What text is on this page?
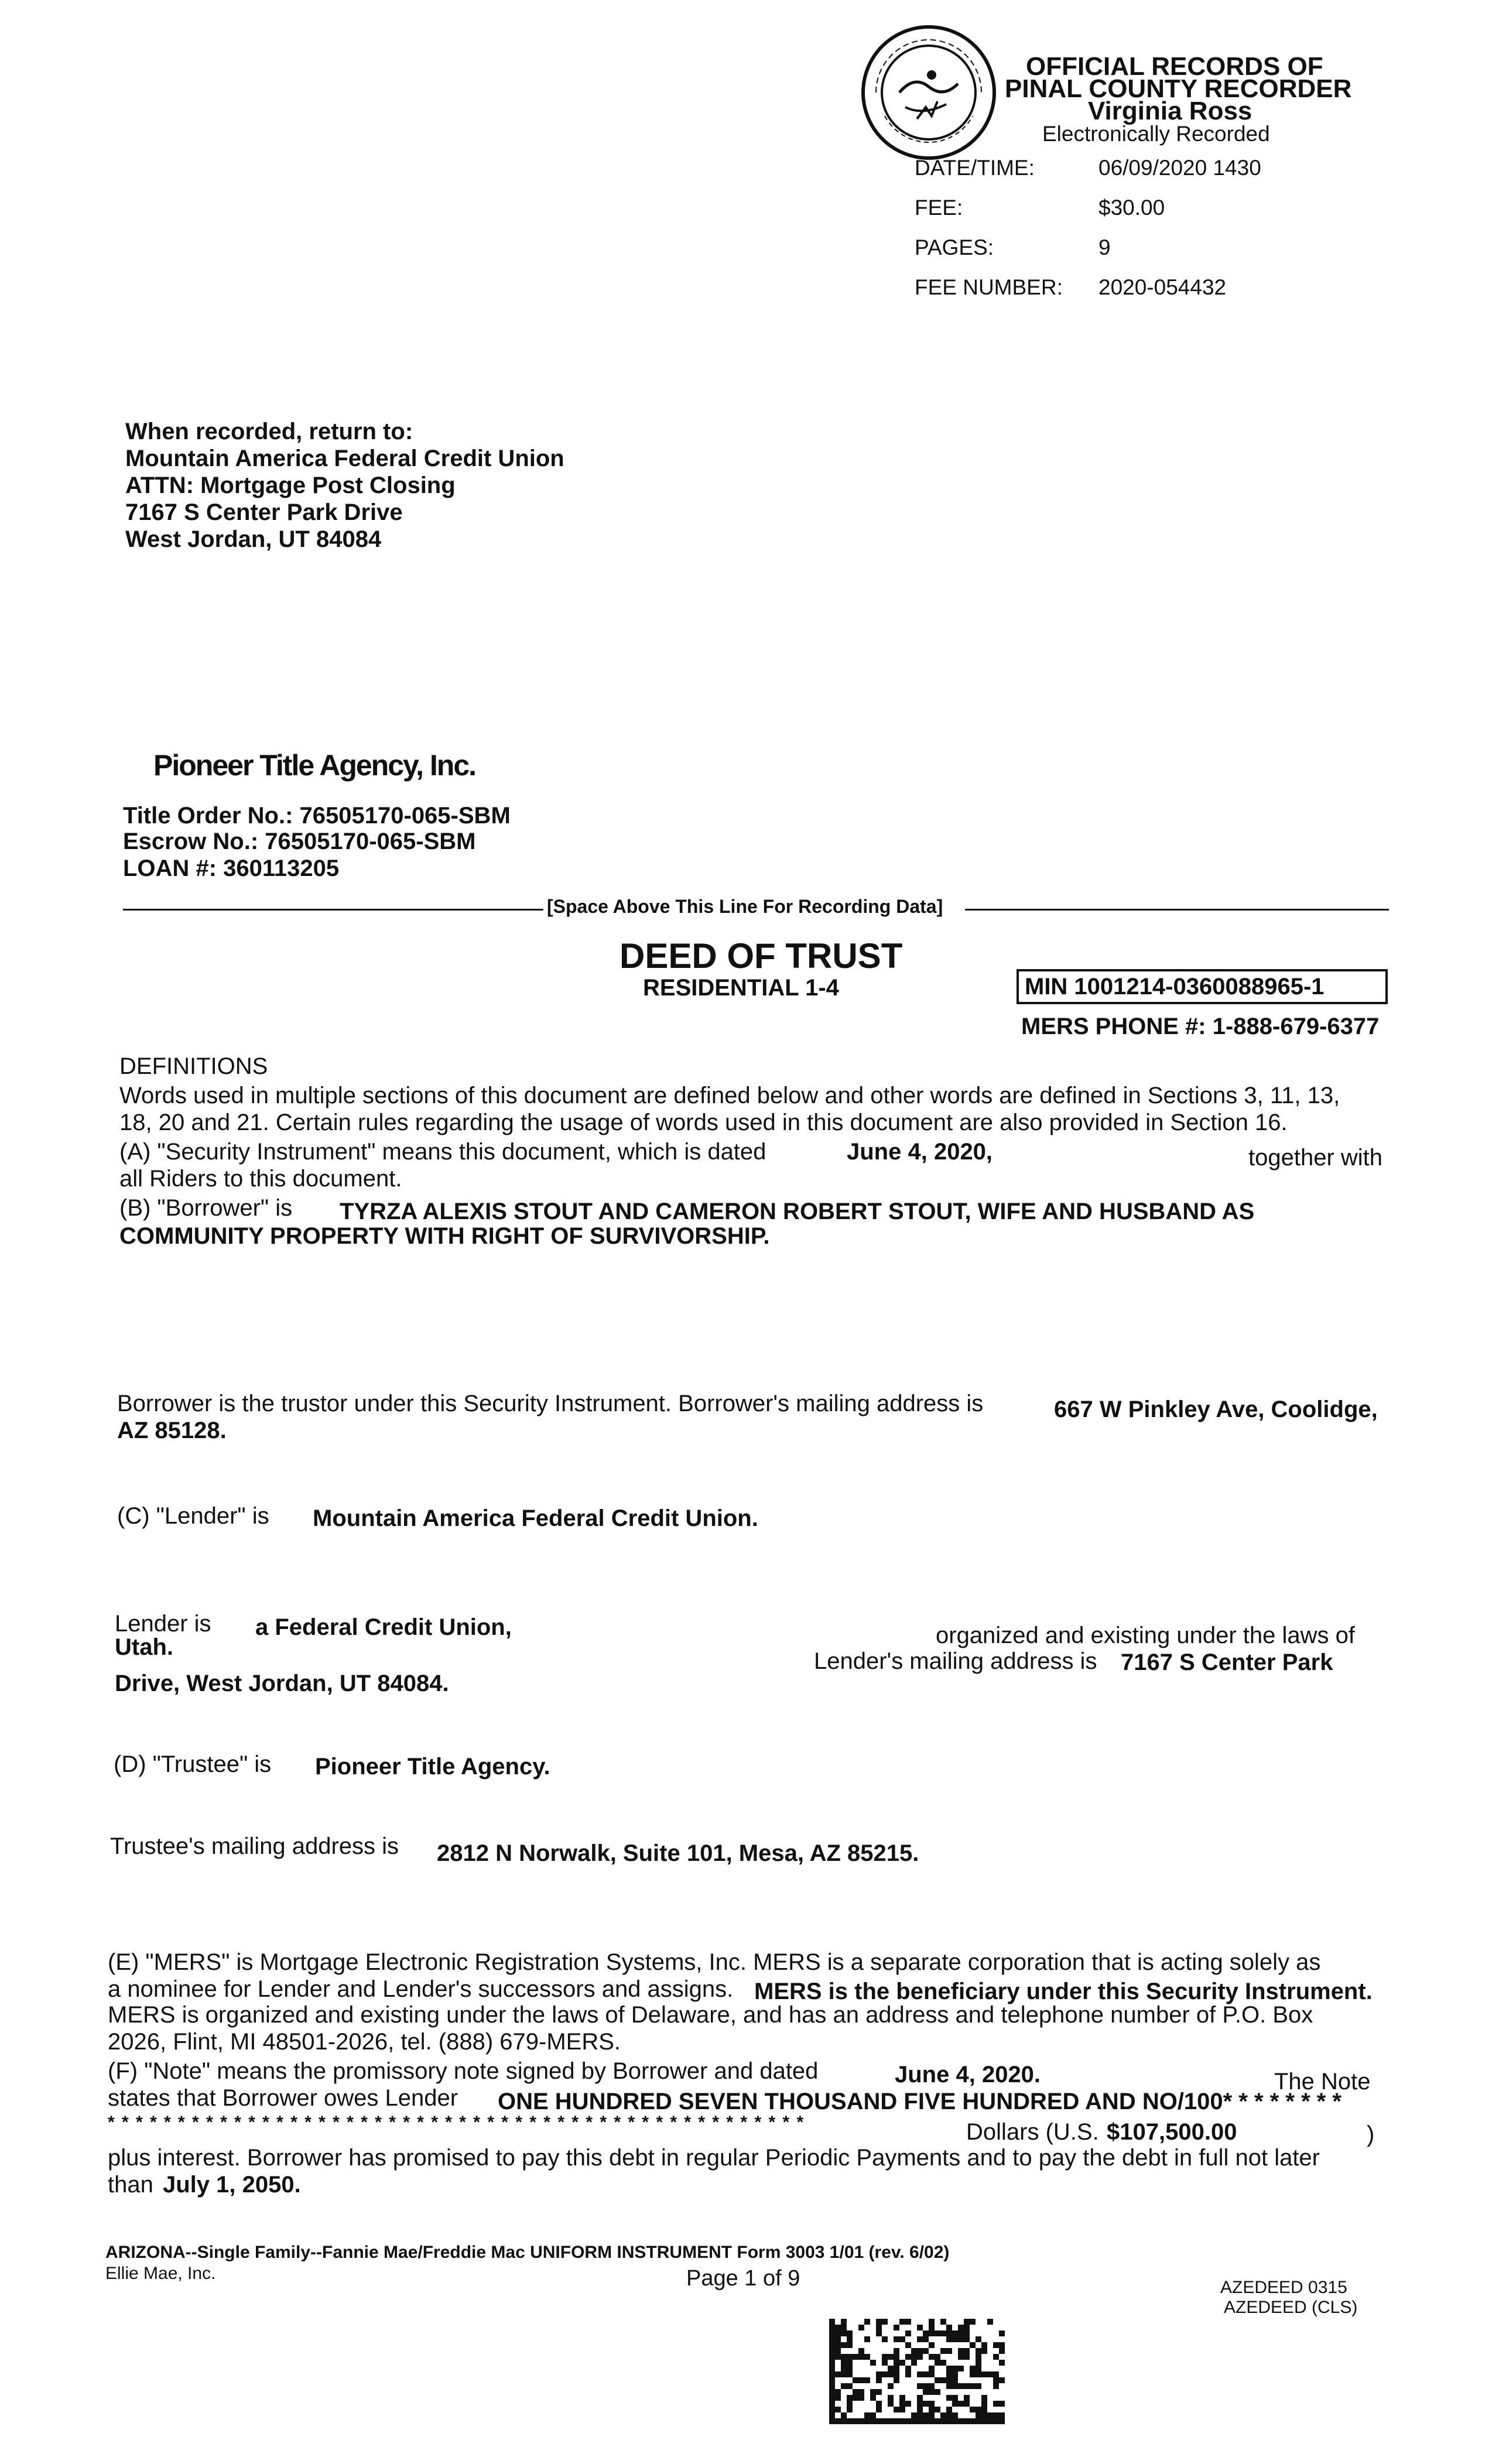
OFFICIAL RECORDS OF
PINAL COUNTY RECORDER
Virginia Ross
Electronically Recorded
DATE/TIME:	06/09/2020 1430
FEE:	$30.00
PAGES:	9
FEE NUMBER: 2020-054432
When recorded, return to:
Mountain America Federal Credit Union
ATTN: Mortgage Post Closing
7167 S Center Park Drive
West Jordan, UT 84084
Pioneer Title Agency, Inc.
Title Order No.: 76505170-065-SBM
Escrow No.: 76505170-065-SBM
LOAN #: 360113205
[Space Above This Line For Recording Data]
DEED OF TRUST
RESIDENTIAL 1-4	MIN 1001214-0360088965-1
MERS PHONE #: 1-888-679-6377
DEFINITIONS
Words used in multiple sections of this document are defined below and other words are defined in Sections 3, 11, 13,
18, 20 and 21. Certain rules regarding the usage of words used in this document are also provided in Section 16.
(A) "Security Instrument" means this document, which is dated	June 4, 2020,	together with
all Riders to this document.
(B) "Borrower" is TYRZA ALEXIS STOUT AND CAMERON ROBERT STOUT, WIFE AND HUSBAND AS
COMMUNITY PROPERTY WITH RIGHT OF SURVIVORSHIP.
Borrower is the trustor under this Security Instrument. Borrower's mailing address is	667 W Pinkley Ave, Coolidge,
AZ 85128.
(C) "Lender" is Mountain America Federal Credit Union.
Lender is a Federal Credit Union,	organized and existing under the laws of
Utah.
Lender's mailing address is 7167 S Center Park
Drive, West Jordan, UT 84084.
(D) "Trustee" is Pioneer Title Agency.
Trustee's mailing address is 2812 N Norwalk, Suite 101, Mesa, AZ 85215.
(E) "MERS" is Mortgage Electronic Registration Systems, Inc. MERS is a separate corporation that is acting solely as
a nominee for Lender and Lender's successors and assigns. MERS is the beneficiary under this Security Instrument.
MERS is organized and existing under the laws of Delaware, and has an address and telephone number of P.O. Box
2026, Flint, MI 48501-2026, tel. (888) 679-MERS.
(F) "Note" means the promissory note signed by Borrower and dated	June 4, 2020.	The Note
states that Borrower owes Lender ONE HUNDRED SEVEN THOUSAND FIVE HUNDRED AND NO/100* * * * * * * *
* * * * * * * * * * * * * * * * * * * * * * * * * * * * * * * * * * * * * * * * * * * * * * * * * *	Dollars (U.S. $107,500.00	)
plus interest. Borrower has promised to pay this debt in regular Periodic Payments and to pay the debt in full not later
than July 1, 2050.
ARIZONA--Single Family--Fannie Mae/Freddie Mac UNIFORM INSTRUMENT Form 3003 1/01 (rev. 6/02)
Ellie Mae, Inc.	Page 1 of 9	AZEDEED 0315
AZEDEED (CLS)
